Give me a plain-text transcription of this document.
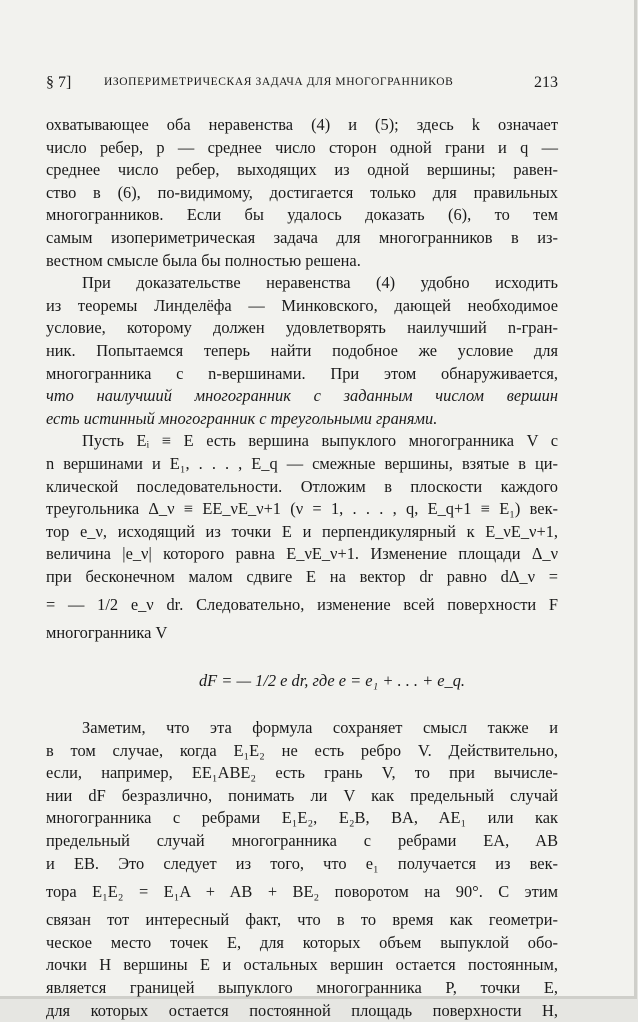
§ 7]	ИЗОПЕРИМЕТРИЧЕСКАЯ ЗАДАЧА ДЛЯ МНОГОГРАННИКОВ	213
охватывающее оба неравенства (4) и (5); здесь k означает
число ребер, p — среднее число сторон одной грани и q —
среднее число ребер, выходящих из одной вершины; равен-
ство в (6), по-видимому, достигается только для правильных
многогранников. Если бы удалось доказать (6), то тем
самым изопериметрическая задача для многогранников в из-
вестном смысле была бы полностью решена.
При доказательстве неравенства (4) удобно исходить
из теоремы Линделёфа — Минковского, дающей необходимое
условие, которому должен удовлетворять наилучший n-гран-
ник. Попытаемся теперь найти подобное же условие для
многогранника с n-вершинами. При этом обнаруживается,
что наилучший многогранник с заданным числом вершин
есть истинный многогранник с треугольными гранями.
Пусть Eᵢ ≡ E есть вершина выпуклого многогранника V с
n вершинами и E₁, . . . , E_q — смежные вершины, взятые в ци-
клической последовательности. Отложим в плоскости каждого
треугольника Δ_ν ≡ EE_νE_ν+1 (ν = 1, . . . , q, E_q+1 ≡ E₁) век-
тор e_ν, исходящий из точки E и перпендикулярный к E_νE_ν+1,
величина |e_ν| которого равна E_νE_ν+1. Изменение площади Δ_ν
при бесконечном малом сдвиге E на вектор dr равно dΔ_ν =
= — 1/2 e_ν dr. Следовательно, изменение всей поверхности F
многогранника V
dF = — 1/2 e dr, где e = e₁ + . . . + e_q.
Заметим, что эта формула сохраняет смысл также и
в том случае, когда E₁E₂ не есть ребро V. Действительно,
если, например, EE₁ABE₂ есть грань V, то при вычисле-
нии dF безразлично, понимать ли V как предельный случай
многогранника с ребрами E₁E₂, E₂B, BA, AE₁ или как
предельный случай многогранника с ребрами EA, AB
и EB. Это следует из того, что e₁ получается из век-
тора E₁E₂ = E₁A + AB + BE₂ поворотом на 90°. С этим
связан тот интересный факт, что в то время как геометри-
ческое место точек E, для которых объем выпуклой обо-
лочки H вершины E и остальных вершин остается постоянным,
является границей выпуклого многогранника P, точки E,
для которых остается постоянной площадь поверхности H,
